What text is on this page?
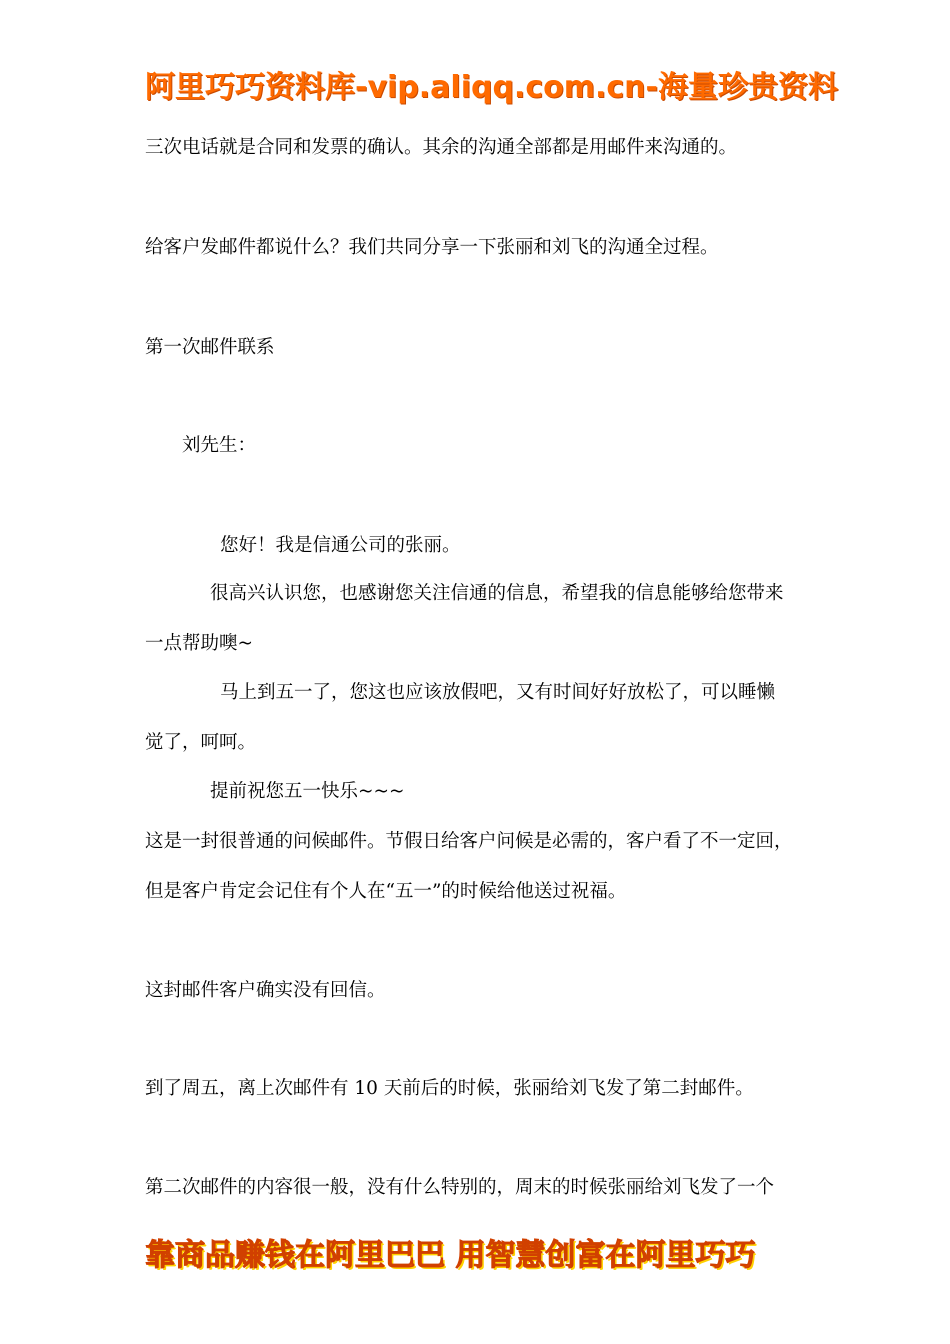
阿里巧巧资料库-vip.aliqq.com.cn-海量珍贵资料
三次电话就是合同和发票的确认。其余的沟通全部都是用邮件来沟通的。
给客户发邮件都说什么？我们共同分享一下张丽和刘飞的沟通全过程。
第一次邮件联系
刘先生：
您好！我是信通公司的张丽。
很高兴认识您，也感谢您关注信通的信息，希望我的信息能够给您带来
一点帮助噢~
马上到五一了，您这也应该放假吧，又有时间好好放松了，可以睡懒
觉了，呵呵。
提前祝您五一快乐~~~
这是一封很普通的问候邮件。节假日给客户问候是必需的，客户看了不一定回，
但是客户肯定会记住有个人在“五一”的时候给他送过祝福。
这封邮件客户确实没有回信。
到了周五，离上次邮件有 10 天前后的时候，张丽给刘飞发了第二封邮件。
第二次邮件的内容很一般，没有什么特别的，周末的时候张丽给刘飞发了一个
靠商品赚钱在阿里巴巴 用智慧创富在阿里巧巧
